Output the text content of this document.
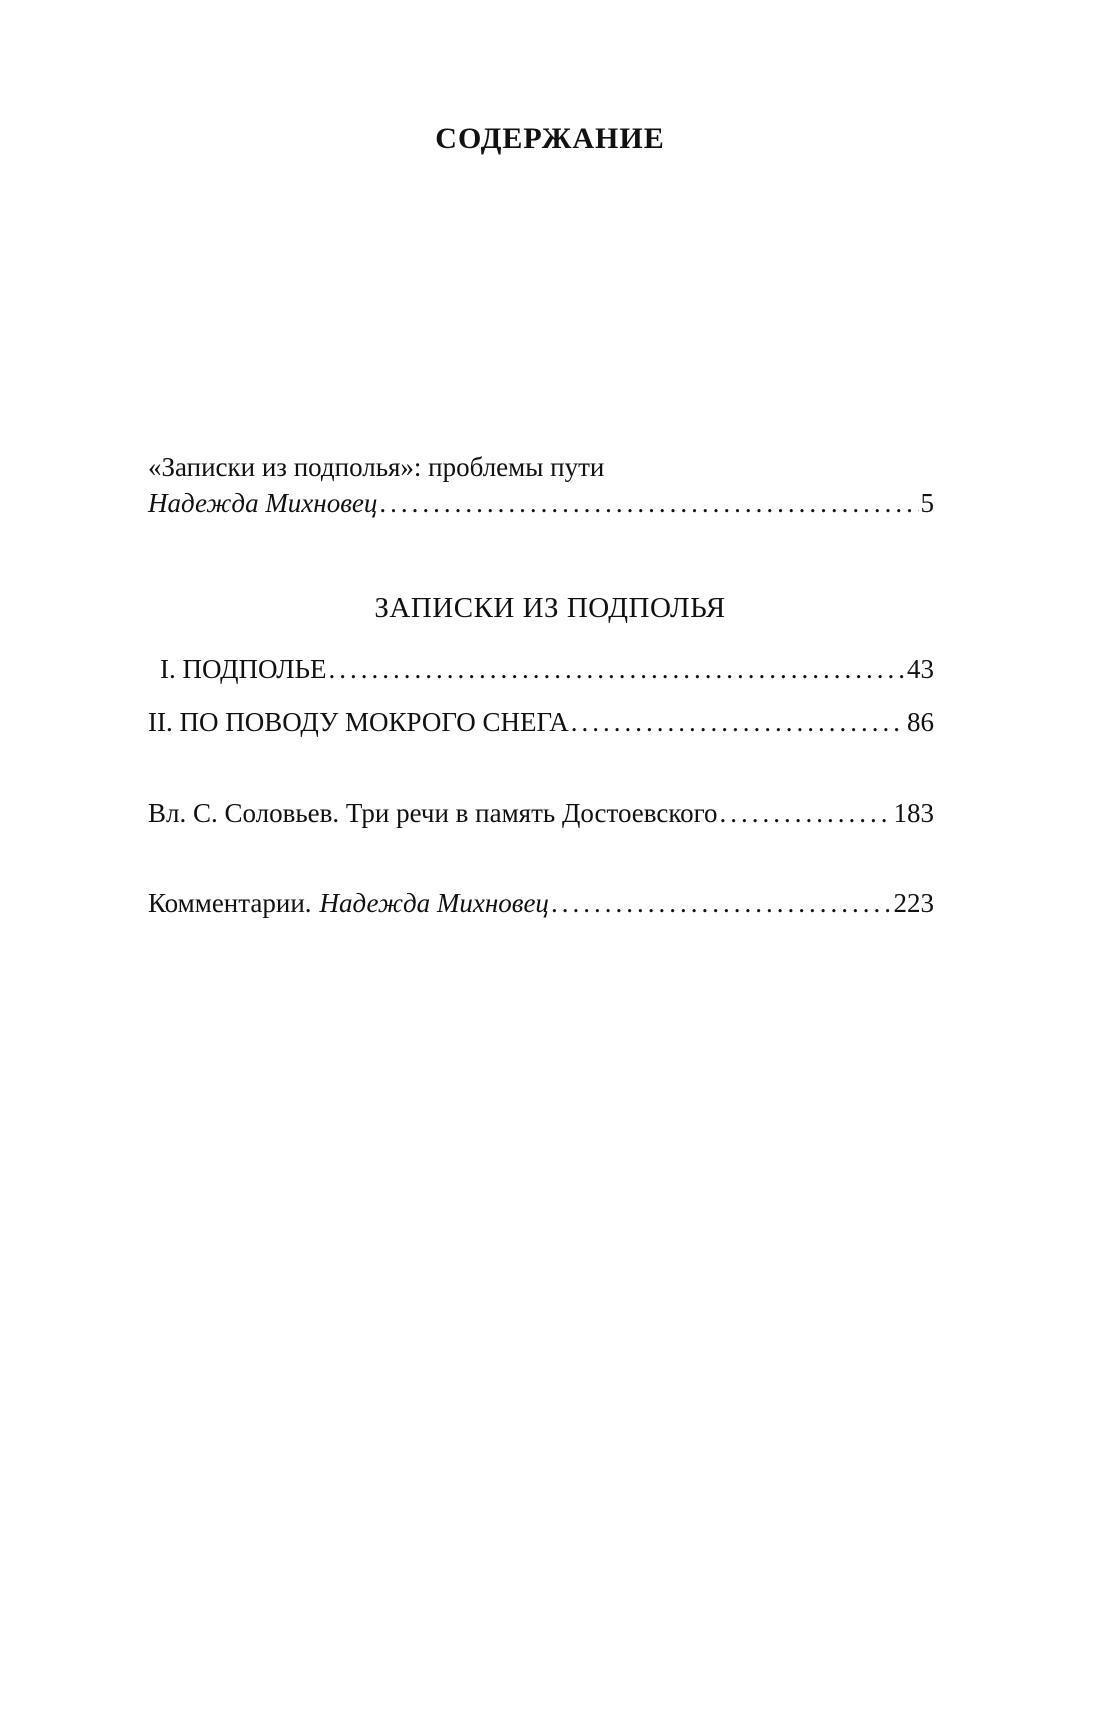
СОДЕРЖАНИЕ
«Записки из подполья»: проблемы пути
Надежда Михновец .....	5
ЗАПИСКИ ИЗ ПОДПОЛЬЯ
I. ПОДПОЛЬЕ .....	43
II. ПО ПОВОДУ МОКРОГО СНЕГА .....	86
Вл. С. Соловьев. Три речи в память Достоевского .....	183
Комментарии. Надежда Михновец .....	223
